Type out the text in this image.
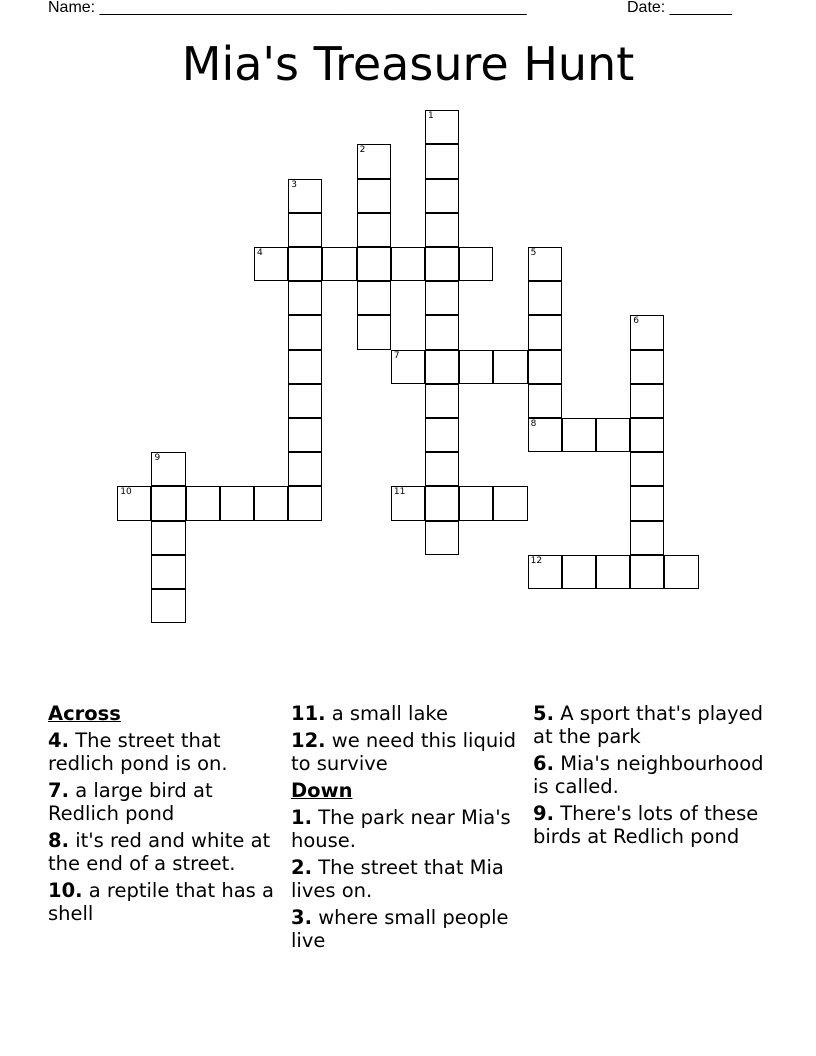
Name: ________________________________________________	Date: _______
Mia's Treasure Hunt
1
2
3
4	5
8
6
7
9
10	11
12
Across
4. The street that redlich pond is on.
7. a large bird at Redlich pond
8. it's red and white at the end of a street.
10. a reptile that has a shell
11. a small lake
12. we need this liquid to survive
Down
1. The park near Mia's house.
2. The street that Mia lives on.
3. where small people live
5. A sport that's played at the park
6. Mia's neighbourhood is called.
9. There's lots of these birds at Redlich pond
